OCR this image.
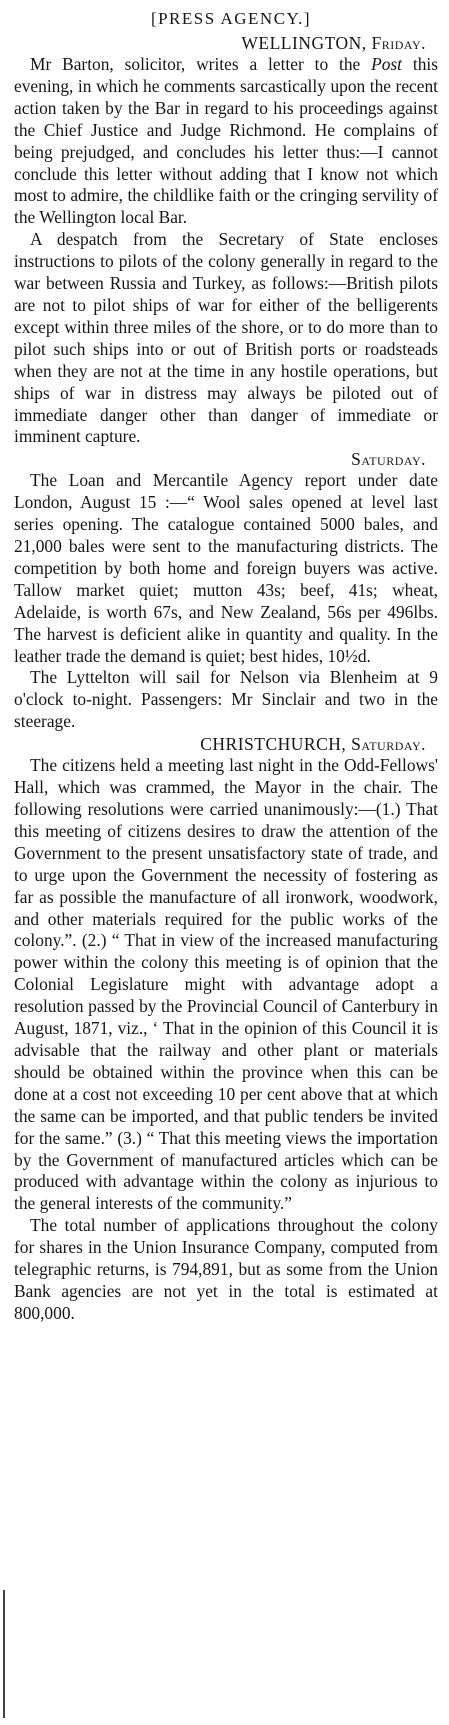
[PRESS AGENCY.]
WELLINGTON, Friday.

Mr Barton, solicitor, writes a letter to the Post this evening, in which he comments sarcastically upon the recent action taken by the Bar in regard to his proceedings against the Chief Justice and Judge Richmond. He complains of being prejudged, and concludes his letter thus:—I cannot conclude this letter without adding that I know not which most to admire, the childlike faith or the cringing servility of the Wellington local Bar.

A despatch from the Secretary of State encloses instructions to pilots of the colony generally in regard to the war between Russia and Turkey, as follows:—British pilots are not to pilot ships of war for either of the belligerents except within three miles of the shore, or to do more than to pilot such ships into or out of British ports or roadsteads when they are not at the time in any hostile operations, but ships of war in distress may always be piloted out of immediate danger other than danger of immediate or imminent capture.

Saturday.

The Loan and Mercantile Agency report under date London, August 15 :—“ Wool sales opened at level last series opening. The catalogue contained 5000 bales, and 21,000 bales were sent to the manufacturing districts. The competition by both home and foreign buyers was active. Tallow market quiet; mutton 43s; beef, 41s; wheat, Adelaide, is worth 67s, and New Zealand, 56s per 496lbs. The harvest is deficient alike in quantity and quality. In the leather trade the demand is quiet; best hides, 10½d.

The Lyttelton will sail for Nelson via Blenheim at 9 o'clock to-night. Passengers: Mr Sinclair and two in the steerage.

CHRISTCHURCH, Saturday.

The citizens held a meeting last night in the Odd-Fellows' Hall, which was crammed, the Mayor in the chair. The following resolutions were carried unanimously:—(1.) That this meeting of citizens desires to draw the attention of the Government to the present unsatisfactory state of trade, and to urge upon the Government the necessity of fostering as far as possible the manufacture of all ironwork, woodwork, and other materials required for the public works of the colony.”. (2.) “ That in view of the increased manufacturing power within the colony this meeting is of opinion that the Colonial Legislature might with advantage adopt a resolution passed by the Provincial Council of Canterbury in August, 1871, viz., ‘ That in the opinion of this Council it is advisable that the railway and other plant or materials should be obtained within the province when this can be done at a cost not exceeding 10 per cent above that at which the same can be imported, and that public tenders be invited for the same.” (3.) “ That this meeting views the importation by the Government of manufactured articles which can be produced with advantage within the colony as injurious to the general interests of the community.”

The total number of applications throughout the colony for shares in the Union Insurance Company, computed from telegraphic returns, is 794,891, but as some from the Union Bank agencies are not yet in the total is estimated at 800,000.
